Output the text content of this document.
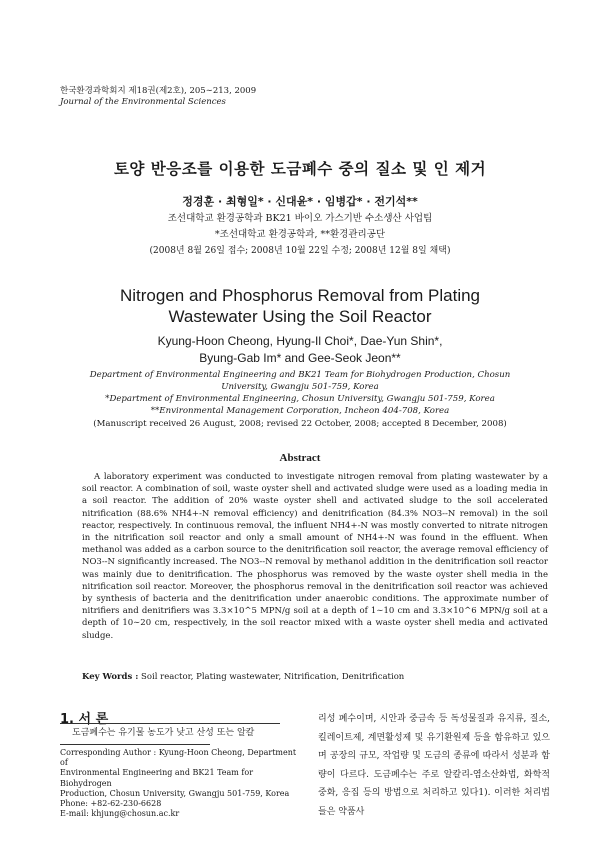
한국환경과학회지 제18권(제2호), 205∼213, 2009
Journal of the Environmental Sciences
토양 반응조를 이용한 도금폐수 중의 질소 및 인 제거
정경훈 · 최형일* · 신대윤* · 임병갑* · 전기석**
조선대학교 환경공학과 BK21 바이오 가스기반 수소생산 사업팀
*조선대학교 환경공학과, **환경관리공단
(2008년 8월 26일 접수; 2008년 10월 22일 수정; 2008년 12월 8일 채택)
Nitrogen and Phosphorus Removal from Plating
Wastewater Using the Soil Reactor
Kyung-Hoon Cheong, Hyung-Il Choi*, Dae-Yun Shin*,
Byung-Gab Im* and Gee-Seok Jeon**
Department of Environmental Engineering and BK21 Team for Biohydrogen Production, Chosun
University, Gwangju 501-759, Korea
*Department of Environmental Engineering, Chosun University, Gwangju 501-759, Korea
**Environmental Management Corporation, Incheon 404-708, Korea
(Manuscript received 26 August, 2008; revised 22 October, 2008; accepted 8 December, 2008)
Abstract
A laboratory experiment was conducted to investigate nitrogen removal from plating wastewater by a soil reactor. A combination of soil, waste oyster shell and activated sludge were used as a loading media in a soil reactor. The addition of 20% waste oyster shell and activated sludge to the soil accelerated nitrification (88.6% NH4+-N removal efficiency) and denitrification (84.3% NO3--N removal) in the soil reactor, respectively. In continuous removal, the influent NH4+-N was mostly converted to nitrate nitrogen in the nitrification soil reactor and only a small amount of NH4+-N was found in the effluent. When methanol was added as a carbon source to the denitrification soil reactor, the average removal efficiency of NO3--N significantly increased. The NO3--N removal by methanol addition in the denitrification soil reactor was mainly due to denitrification. The phosphorus was removed by the waste oyster shell media in the nitrification soil reactor. Moreover, the phosphorus removal in the denitrification soil reactor was achieved by synthesis of bacteria and the denitrification under anaerobic conditions. The approximate number of nitrifiers and denitrifiers was 3.3×10^5 MPN/g soil at a depth of 1∼10 cm and 3.3×10^6 MPN/g soil at a depth of 10∼20 cm, respectively, in the soil reactor mixed with a waste oyster shell media and activated sludge.
Key Words : Soil reactor, Plating wastewater, Nitrification, Denitrification
1. 서 론
도금폐수는 유기물 농도가 낮고 산성 또는 알칼
Corresponding Author : Kyung-Hoon Cheong, Department of
Environmental Engineering and BK21 Team for Biohydrogen
Production, Chosun University, Gwangju 501-759, Korea
Phone: +82-62-230-6628
E-mail: khjung@chosun.ac.kr
리성 폐수이며, 시안과 중금속 등 독성물질과 유지류, 질소, 킬레이트제, 계면활성제 및 유기환원제 등을 함유하고 있으며 공장의 규모, 작업량 및 도금의 종류에 따라서 성분과 함량이 다르다. 도금폐수는 주로 알칼리-염소산화법, 화학적 중화, 응집 등의 방법으로 처리하고 있다1). 이러한 처리법들은 약품사
